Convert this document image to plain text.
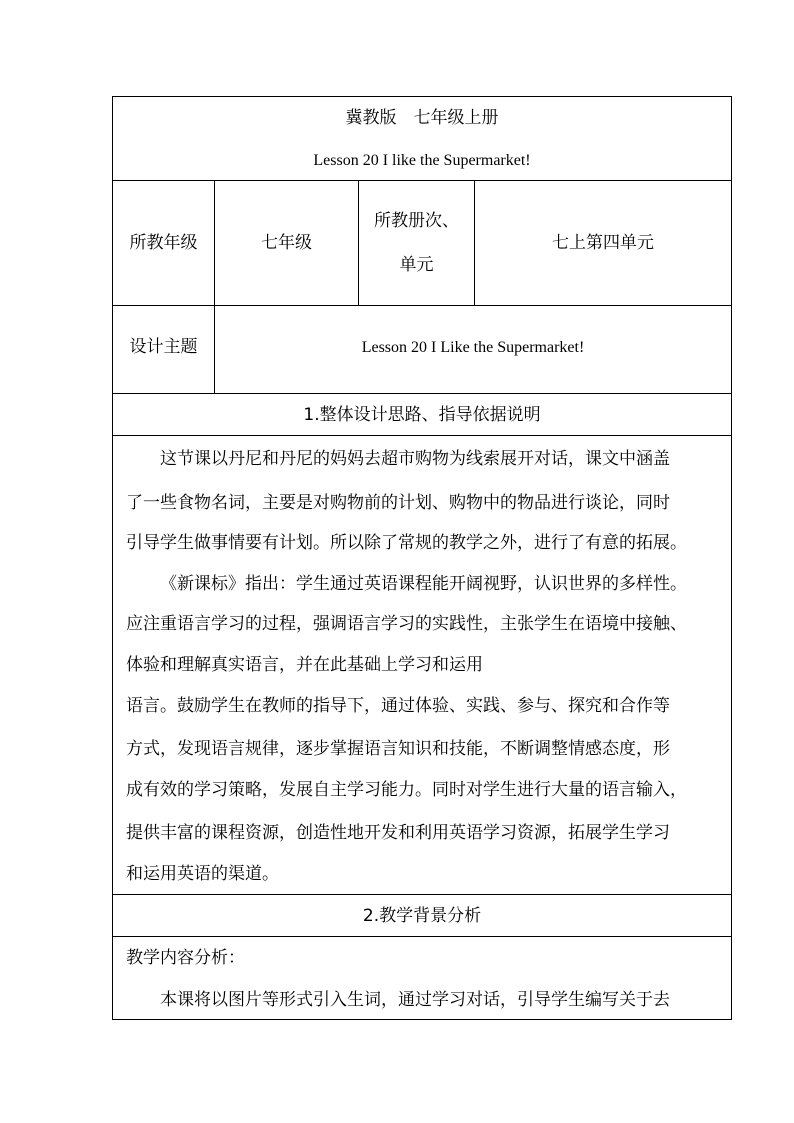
冀教版　七年级上册
Lesson 20 I like the Supermarket!
所教年级	七年级
所教册次、
单元
七上第四单元
设计主题	Lesson 20 I Like the Supermarket!
1.整体设计思路、指导依据说明
这节课以丹尼和丹尼的妈妈去超市购物为线索展开对话，课文中涵盖
了一些食物名词，主要是对购物前的计划、购物中的物品进行谈论，同时
引导学生做事情要有计划。所以除了常规的教学之外，进行了有意的拓展。
《新课标》指出：学生通过英语课程能开阔视野，认识世界的多样性。
应注重语言学习的过程，强调语言学习的实践性，主张学生在语境中接触、
体验和理解真实语言，并在此基础上学习和运用
语言。鼓励学生在教师的指导下，通过体验、实践、参与、探究和合作等
方式，发现语言规律，逐步掌握语言知识和技能，不断调整情感态度，形
成有效的学习策略，发展自主学习能力。同时对学生进行大量的语言输入，
提供丰富的课程资源，创造性地开发和利用英语学习资源，拓展学生学习
和运用英语的渠道。
2.教学背景分析
教学内容分析：
本课将以图片等形式引入生词，通过学习对话，引导学生编写关于去
